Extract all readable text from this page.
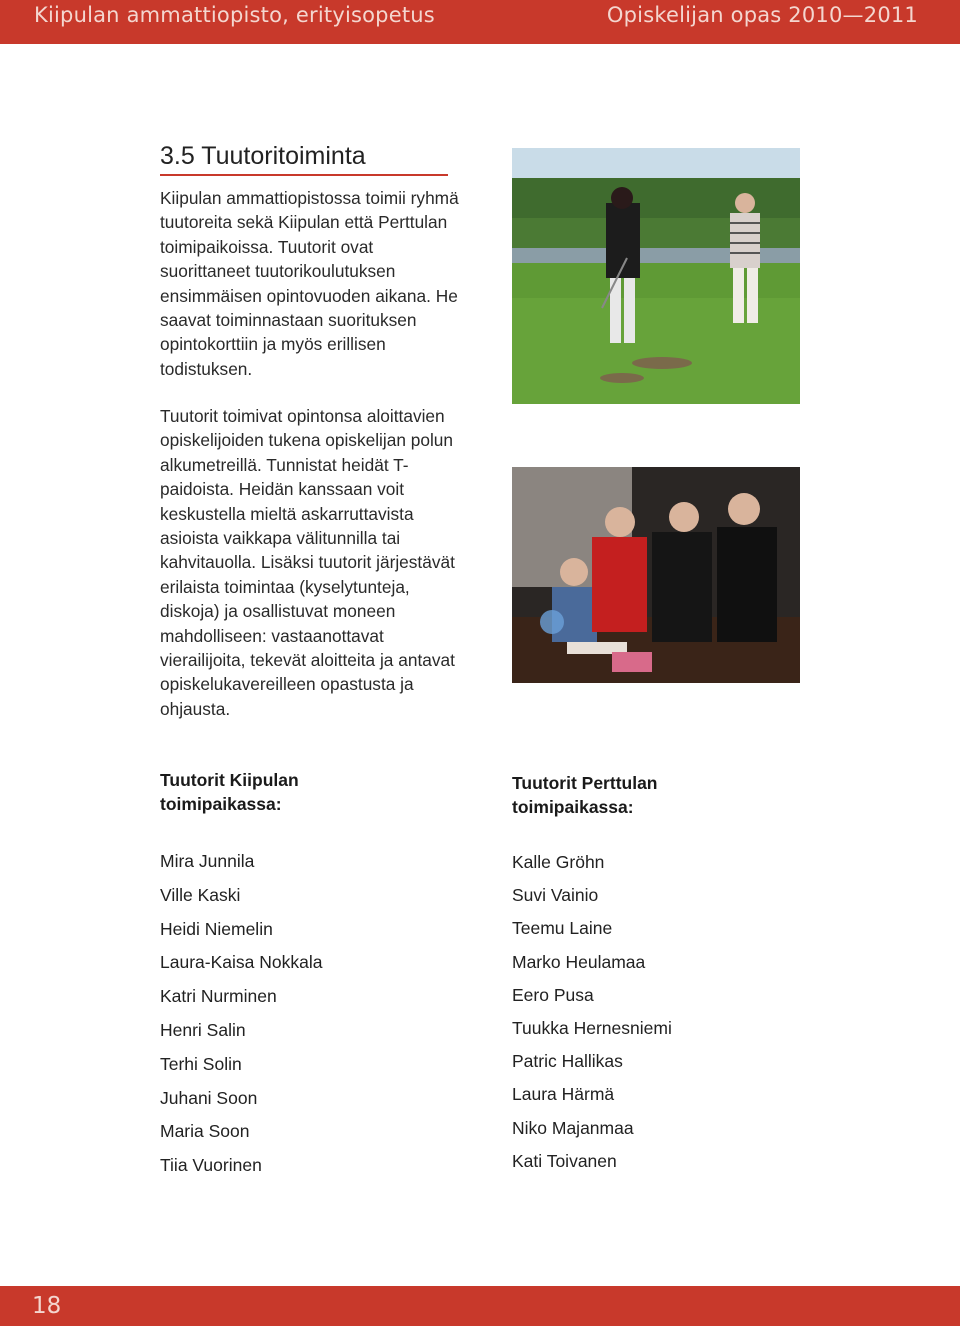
Kiipulan ammattiopisto, erityisopetus	Opiskelijan opas 2010—2011
3.5 Tuutoritoiminta

Kiipulan ammattiopistossa toimii ryhmä tuutoreita sekä Kiipulan että Perttulan toimipaikoissa. Tuutorit ovat suorittaneet tuutorikoulutuksen ensimmäisen opintovuoden aikana. He saavat toiminnastaan suorituksen opintokorttiin ja myös erillisen todistuksen.

Tuutorit toimivat opintonsa aloittavien opiskelijoiden tukena opiskelijan polun alkumetreillä. Tunnistat heidät T-paidoista. Heidän kanssaan voit keskustella mieltä askarruttavista asioista vaikkapa välitunnilla tai kahvitauolla. Lisäksi tuutorit järjestävät erilaista toimintaa (kyselytunteja, diskoja) ja osallistuvat moneen mahdolliseen: vastaanottavat vierailijoita, tekevät aloitteita ja antavat opiskelukavereilleen opastusta ja ohjausta.

Tuutorit Kiipulan toimipaikassa:
Tuutorit Perttulan toimipaikassa:
Mira Junnila
Ville Kaski
Heidi Niemelin
Laura-Kaisa Nokkala
Katri Nurminen
Henri Salin
Terhi Solin
Juhani Soon
Maria Soon
Tiia Vuorinen
Kalle Gröhn
Suvi Vainio
Teemu Laine
Marko Heulamaa
Eero Pusa
Tuukka Hernesniemi
Patric Hallikas
Laura Härmä
Niko Majanmaa
Kati Toivanen
18
